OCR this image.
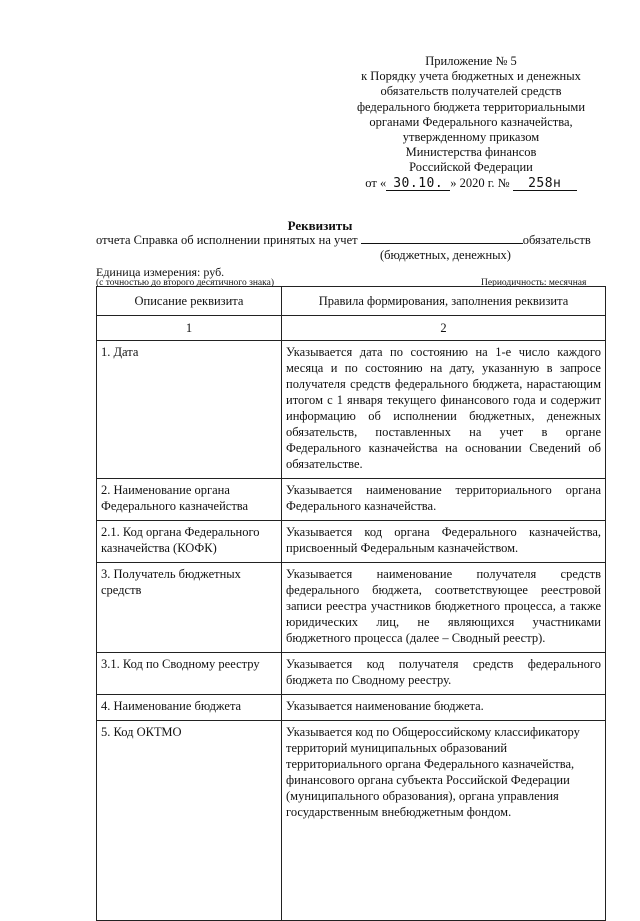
Приложение № 5
к Порядку учета бюджетных и денежных
обязательств получателей средств
федерального бюджета территориальными
органами Федерального казначейства,
утвержденному приказом
Министерства финансов
Российской Федерации
от « 30.10. » 2020 г. № 258н
Реквизиты
отчета Справка об исполнении принятых на учет	обязательств
(бюджетных, денежных)
Единица измерения: руб.
(с точностью до второго десятичного знака)	Периодичность: месячная
Описание реквизита	Правила формирования, заполнения реквизита
1	2
1. Дата	Указывается дата по состоянию на 1-е число каждого месяца и по состоянию на дату, указанную в запросе получателя средств федерального бюджета, нарастающим итогом с 1 января текущего финансового года и содержит информацию об исполнении бюджетных, денежных обязательств, поставленных на учет в органе Федерального казначейства на основании Сведений об обязательстве.
2. Наименование органа Федерального казначейства	Указывается наименование территориального органа Федерального казначейства.
2.1. Код органа Федерального казначейства (КОФК)	Указывается код органа Федерального казначейства, присвоенный Федеральным казначейством.
3. Получатель бюджетных средств	Указывается наименование получателя средств федерального бюджета, соответствующее реестровой записи реестра участников бюджетного процесса, а также юридических лиц, не являющихся участниками бюджетного процесса (далее – Сводный реестр).
3.1. Код по Сводному реестру	Указывается код получателя средств федерального бюджета по Сводному реестру.
4. Наименование бюджета	Указывается наименование бюджета.
5. Код ОКТМО	Указывается код по Общероссийскому классификатору территорий муниципальных образований территориального органа Федерального казначейства, финансового органа субъекта Российской Федерации (муниципального образования), органа управления государственным внебюджетным фондом.
